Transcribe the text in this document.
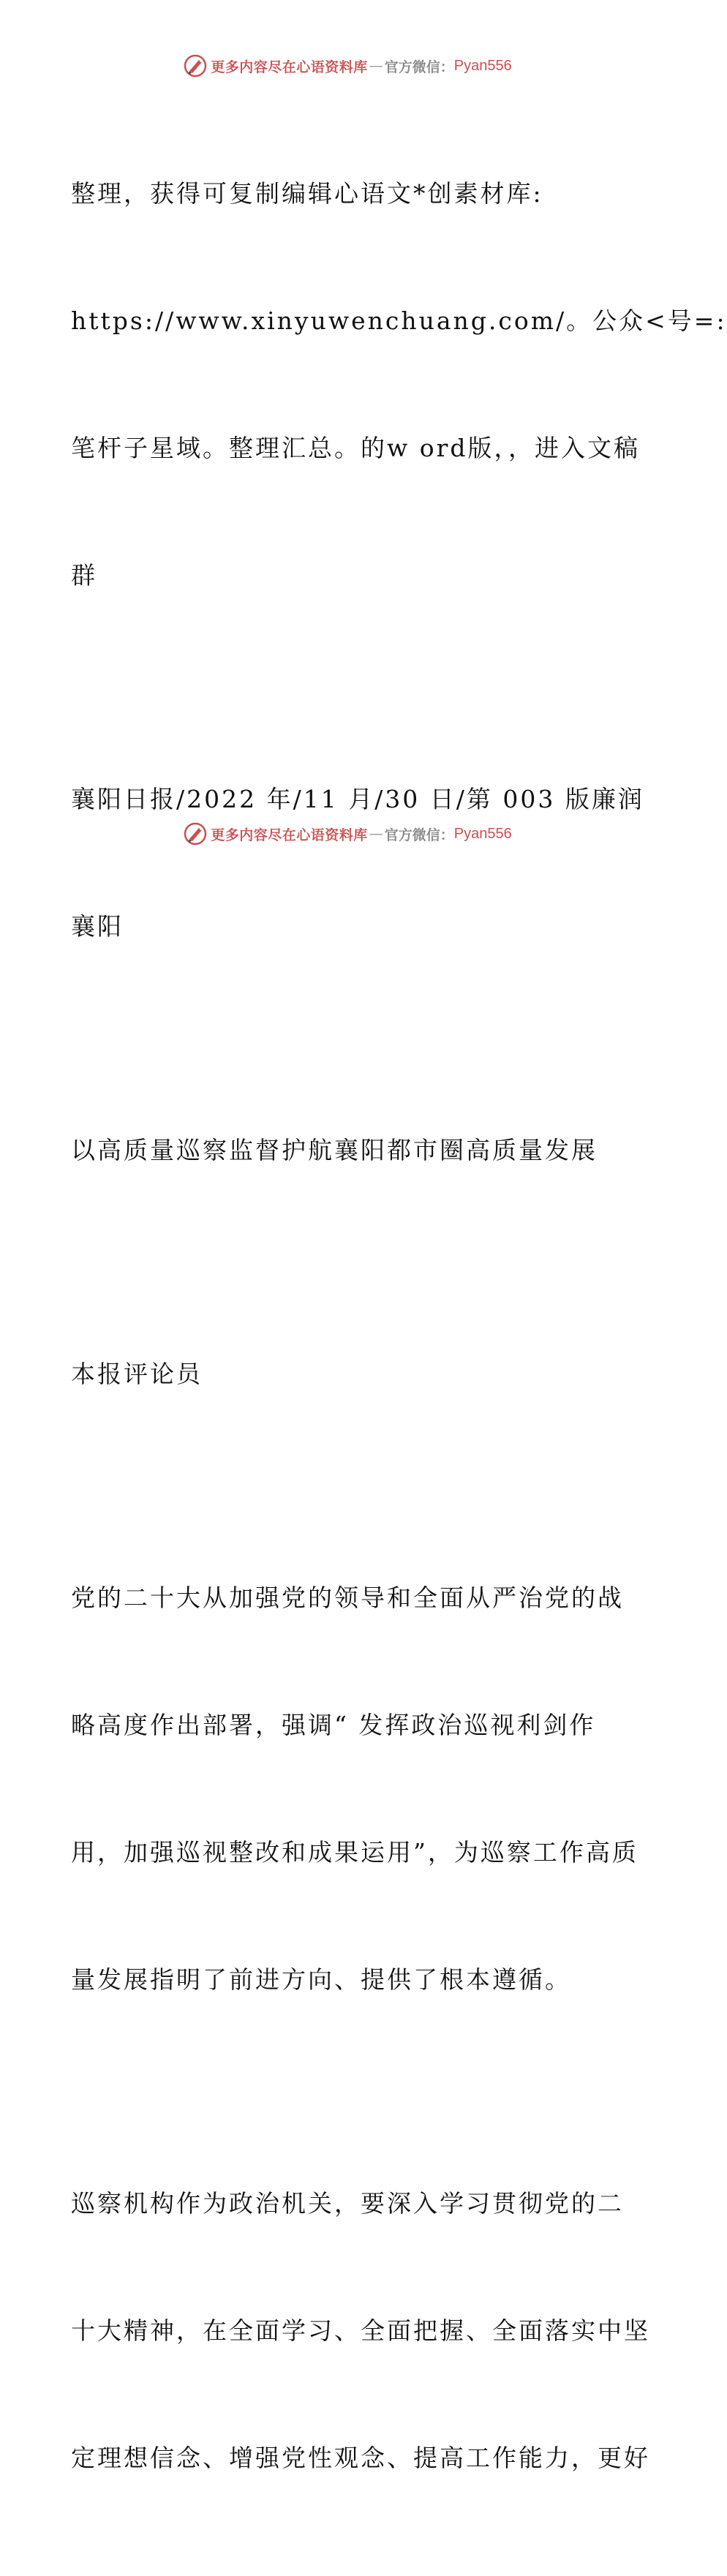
更多内容尽在心语资料库 — 官方微信： Pyan556

整理，获得可复制编辑心语文*创素材库:

https://www.xinyuwenchuang.com/。公众<号=:

笔杆子星域。整理汇总。的w ord版，，进入文稿

群

襄阳日报/2022 年/11 月/30 日/第 003 版廉润

襄阳

以高质量巡察监督护航襄阳都市圈高质量发展

本报评论员

党的二十大从加强党的领导和全面从严治党的战

略高度作出部署，强调“ 发挥政治巡视利剑作

用，加强巡视整改和成果运用”，为巡察工作高质

量发展指明了前进方向、提供了根本遵循。

巡察机构作为政治机关，要深入学习贯彻党的二

十大精神，在全面学习、全面把握、全面落实中坚

定理想信念、增强党性观念、提高工作能力，更好

更多内容尽在心语资料库 — 官方微信： Pyan556
